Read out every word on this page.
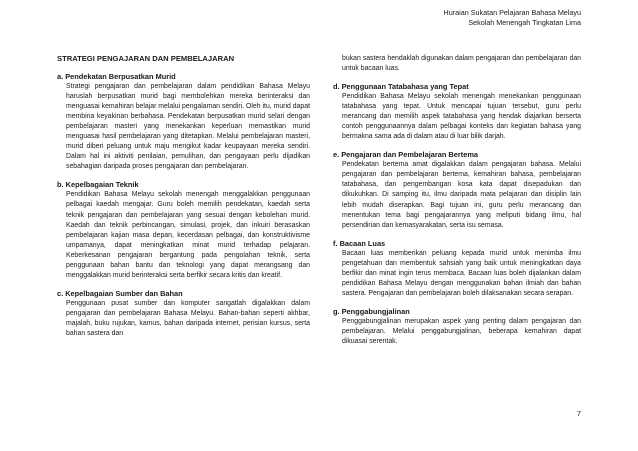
Huraian Sukatan Pelajaran Bahasa Melayu
Sekolah Menengah Tingkatan Lima
STRATEGI PENGAJARAN DAN PEMBELAJARAN
a. Pendekatan Berpusatkan Murid
Strategi pengajaran dan pembelajaran dalam pendidikan Bahasa Melayu haruslah berpusatkan murid bagi membolehkan mereka berinteraksi dan menguasai kemahiran belajar melalui pengalaman sendiri. Oleh itu, murid dapat membina keyakinan berbahasa. Pendekatan berpusatkan murid selari dengan pembelajaran masteri yang menekankan keperluan memastikan murid menguasai hasil pembelajaran yang ditetapkan. Melalui pembelajaran masteri, murid diberi peluang untuk maju mengikut kadar keupayaan mereka sendiri. Dalam hal ini aktiviti penilaian, pemulihan, dan pengayaan perlu dijadikan sebahagian daripada proses pengajaran dan pembelajaran.
b. Kepelbagaian Teknik
Pendidikan Bahasa Melayu sekolah menengah menggalakkan penggunaan pelbagai kaedah mengajar. Guru boleh memilih pendekatan, kaedah serta teknik pengajaran dan pembelajaran yang sesuai dengan kebolehan murid. Kaedah dan teknik perbincangan, simulasi, projek, dan inkuiri berasaskan pembelajaran kajian masa depan, kecerdasan pelbagai, dan konstruktivisme umpamanya, dapat meningkatkan minat murid terhadap pelajaran. Keberkesanan pengajaran bergantung pada pengolahan teknik, serta penggunaan bahan bantu dan teknologi yang dapat merangsang dan menggalakkan murid berinteraksi serta berfikir secara kritis dan kreatif.
c. Kepelbagaian Sumber dan Bahan
Penggunaan pusat sumber dan komputer sangatlah digalakkan dalam pengajaran dan pembelajaran Bahasa Melayu. Bahan-bahan seperti akhbar, majalah, buku rujukan, kamus, bahan daripada internet, perisian kursus, serta bahan sastera dan
bukan sastera hendaklah digunakan dalam pengajaran dan pembelajaran dan untuk bacaan luas.
d. Penggunaan Tatabahasa yang Tepat
Pendidikan Bahasa Melayu sekolah menengah menekankan penggunaan tatabahasa yang tepat. Untuk mencapai tujuan tersebut, guru perlu merancang dan memilih aspek tatabahasa yang hendak diajarkan berserta contoh penggunaannya dalam pelbagai konteks dan kegiatan bahasa yang bermakna sama ada di dalam atau di luar bilik darjah.
e. Pengajaran dan Pembelajaran Bertema
Pendekatan bertema amat digalakkan dalam pengajaran bahasa. Melalui pengajaran dan pembelajaran bertema, kemahiran bahasa, pembelajaran tatabahasa, dan pengembangan kosa kata dapat disepadukan dan dikukuhkan. Di samping itu, ilmu daripada mata pelajaran dan disiplin lain lebih mudah diserapkan. Bagi tujuan ini, guru perlu merancang dan menentukan tema bagi pengajarannya yang meliputi bidang ilmu, hal persendirian dan kemasyarakatan, serta isu semasa.
f. Bacaan Luas
Bacaan luas memberikan peluang kepada murid untuk menimba ilmu pengetahuan dan membentuk sahsiah yang baik untuk meningkatkan daya berfikir dan minat ingin terus membaca. Bacaan luas boleh dijalankan dalam pendidikan Bahasa Melayu dengan menggunakan bahan ilmiah dan bahan sastera. Pengajaran dan pembelajaran boleh dilaksanakan secara serapan.
g. Penggabungjalinan
Penggabungjalinan merupakan aspek yang penting dalam pengajaran dan pembelajaran. Melalui penggabungjalinan, beberapa kemahiran dapat dikuasai serentak.
7
